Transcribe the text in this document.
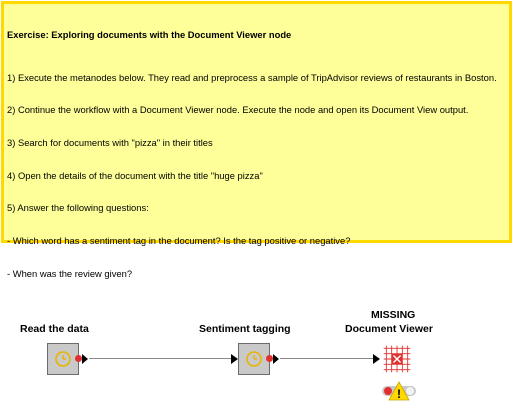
Exercise: Exploring documents with the Document Viewer node

1) Execute the metanodes below. They read and preprocess a sample of TripAdvisor reviews of restaurants in Boston.

2) Continue the workflow with a Document Viewer node. Execute the node and open its Document View output.

3) Search for documents with "pizza" in their titles

4) Open the details of the document with the title "huge pizza"

5) Answer the following questions:

- Which word has a sentiment tag in the document? Is the tag positive or negative?

- When was the review given?

Read the data	Sentiment tagging
MISSING
Document Viewer
!
